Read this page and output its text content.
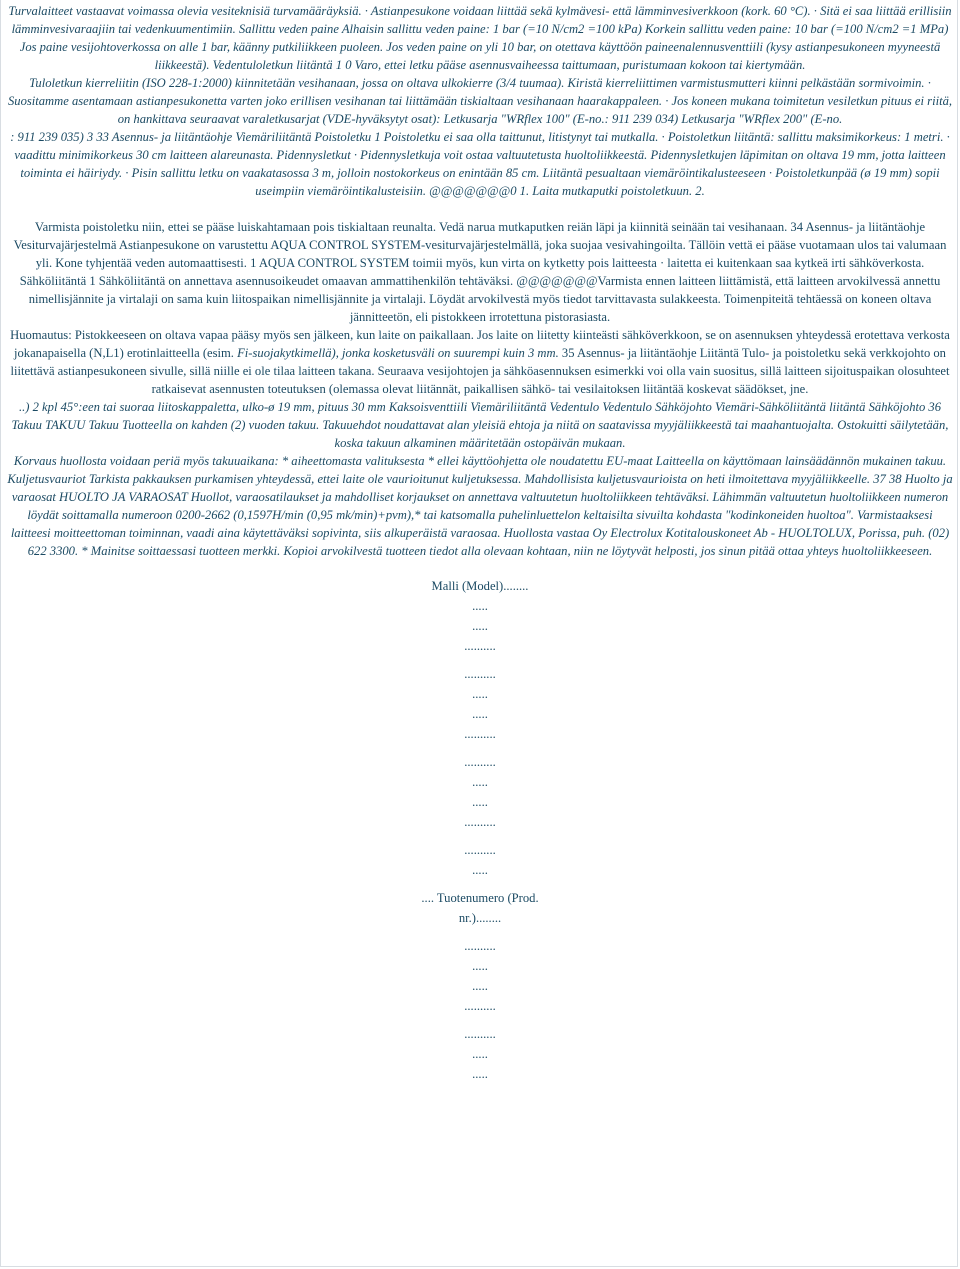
Turvalaitteet vastaavat voimassa olevia vesiteknisiä turvamääräyksiä. · Astianpesukone voidaan liittää sekä kylmävesi- että lämminvesiverkkoon (kork. 60 °C). · Sitä ei saa liittää erillisiin lämminvesivaraajiin tai vedenkuumentimiin. Sallittu veden paine Alhaisin sallittu veden paine: 1 bar (=10 N/cm2 =100 kPa) Korkein sallittu veden paine: 10 bar (=100 N/cm2 =1 MPa) Jos paine vesijohtoverkossa on alle 1 bar, käänny putkiliikkeen puoleen. Jos veden paine on yli 10 bar, on otettava käyttöön paineenalennusventtiili (kysy astianpesukoneen myyneestä liikkeestä). Vedentuloletkun liitäntä 1 0 Varo, ettei letku pääse asennusvaiheessa taittumaan, puristumaan kokoon tai kiertymään.

Tuloletkun kierreliitin (ISO 228-1:2000) kiinnitetään vesihanaan, jossa on oltava ulkokierre (3/4 tuumaa). Kiristä kierreliittimen varmistusmutteri kiinni pelkästään sormivoimin. · Suositamme asentamaan astianpesukonetta varten joko erillisen vesihanan tai liittämään tiskialtaan vesihanaan haarakappaleen. · Jos koneen mukana toimitetun vesiletkun pituus ei riitä, on hankittava seuraavat varaletkusarjat (VDE-hyväksytyt osat): Letkusarja "WRflex 100" (E-no.: 911 239 034) Letkusarja "WRflex 200" (E-no.

: 911 239 035) 3 33 Asennus- ja liitäntäohje Viemäriliitäntä Poistoletku 1 Poistoletku ei saa olla taittunut, litistynyt tai mutkalla. · Poistoletkun liitäntä: sallittu maksimikorkeus: 1 metri. · vaadittu minimikorkeus 30 cm laitteen alareunasta. Pidennysletkut · Pidennysletkuja voit ostaa valtuutetusta huoltoliikkeestä. Pidennysletkujen läpimitan on oltava 19 mm, jotta laitteen toiminta ei häiriydy. · Pisin sallittu letku on vaakatasossa 3 m, jolloin nostokorkeus on enintään 85 cm. Liitäntä pesualtaan viemäröintikalusteeseen · Poistoletkunpää (ø 19 mm) sopii useimpiin viemäröintikalusteisiin. @@@@@@@0 1. Laita mutkaputki poistoletkuun. 2.

Varmista poistoletku niin, ettei se pääse luiskahtamaan pois tiskialtaan reunalta. Vedä narua mutkaputken reiän läpi ja kiinnitä seinään tai vesihanaan. 34 Asennus- ja liitäntäohje Vesiturvajärjestelmä Astianpesukone on varustettu AQUA CONTROL SYSTEM-vesiturvajärjestelmällä, joka suojaa vesivahingoilta. Tällöin vettä ei pääse vuotamaan ulos tai valumaan yli. Kone tyhjentää veden automaattisesti. 1 AQUA CONTROL SYSTEM toimii myös, kun virta on kytketty pois laitteesta · laitetta ei kuitenkaan saa kytkeä irti sähköverkosta. Sähköliitäntä 1 Sähköliitäntä on annettava asennusoikeudet omaavan ammattihenkilön tehtäväksi. @@@@@@@Varmista ennen laitteen liittämistä, että laitteen arvokilvessä annettu nimellisjännite ja virtalaji on sama kuin liitospaikan nimellisjännite ja virtalaji. Löydät arvokilvestä myös tiedot tarvittavasta sulakkeesta. Toimenpiteitä tehtäessä on koneen oltava jännitteetön, eli pistokkeen irrotettuna pistorasiasta.

Huomautus: Pistokkeeseen on oltava vapaa pääsy myös sen jälkeen, kun laite on paikallaan. Jos laite on liitetty kiinteästi sähköverkkoon, se on asennuksen yhteydessä erotettava verkosta jokanapaisella (N,L1) erotinlaitteella (esim. Fi-suojakytkimellä), jonka kosketusväli on suurempi kuin 3 mm. 35 Asennus- ja liitäntäohje Liitäntä Tulo- ja poistoletku sekä verkkojohto on liitettävä astianpesukoneen sivulle, sillä niille ei ole tilaa laitteen takana. Seuraava vesijohtojen ja sähköasennuksen esimerkki voi olla vain suositus, sillä laitteen sijoituspaikan olosuhteet ratkaisevat asennusten toteutuksen (olemassa olevat liitännät, paikallisen sähkö- tai vesilaitoksen liitäntää koskevat säädökset, jne.

..) 2 kpl 45°:een tai suoraa liitoskappaletta, ulko-ø 19 mm, pituus 30 mm Kaksoisventtiili Viemäriliitäntä Vedentulo Vedentulo Sähköjohto Viemäri-Sähköliitäntä liitäntä Sähköjohto 36 Takuu TAKUU Takuu Tuotteella on kahden (2) vuoden takuu. Takuuehdot noudattavat alan yleisiä ehtoja ja niitä on saatavissa myyjäliikkeestä tai maahantuojalta. Ostokuitti säilytetään, koska takuun alkaminen määritetään ostopäivän mukaan.

Korvaus huollosta voidaan periä myös takuuaikana: * aiheettomasta valituksesta * ellei käyttöohjetta ole noudatettu EU-maat Laitteella on käyttömaan lainsäädännön mukainen takuu. Kuljetusvauriot Tarkista pakkauksen purkamisen yhteydessä, ettei laite ole vaurioitunut kuljetuksessa. Mahdollisista kuljetusvaurioista on heti ilmoitettava myyjäliikkeelle. 37 38 Huolto ja varaosat HUOLTO JA VARAOSAT Huollot, varaosatilaukset ja mahdolliset korjaukset on annettava valtuutetun huoltoliikkeen tehtäväksi. Lähimmän valtuutetun huoltoliikkeen numeron löydät soittamalla numeroon 0200-2662 (0,1597H/min (0,95 mk/min)+pvm),* tai katsomalla puhelinluettelon keltaisilta sivuilta kohdasta "kodinkoneiden huoltoa". Varmistaaksesi laitteesi moitteettoman toiminnan, vaadi aina käytettäväksi sopivinta, siis alkuperäistä varaosaa. Huollosta vastaa Oy Electrolux Kotitalouskoneet Ab - HUOLTOLUX, Porissa, puh. (02) 622 3300. * Mainitse soittaessasi tuotteen merkki. Kopioi arvokilvestä tuotteen tiedot alla olevaan kohtaan, niin ne löytyvät helposti, jos sinun pitää ottaa yhteys huoltoliikkeeseen.

Malli (Model)........
.....
.....
..........
..........
.....
.....
..........
..........
.....
.....
..........
..........
.....
.... Tuotenumero (Prod.
nr.)........
..........
.....
.....
..........
..........
.....
.....
